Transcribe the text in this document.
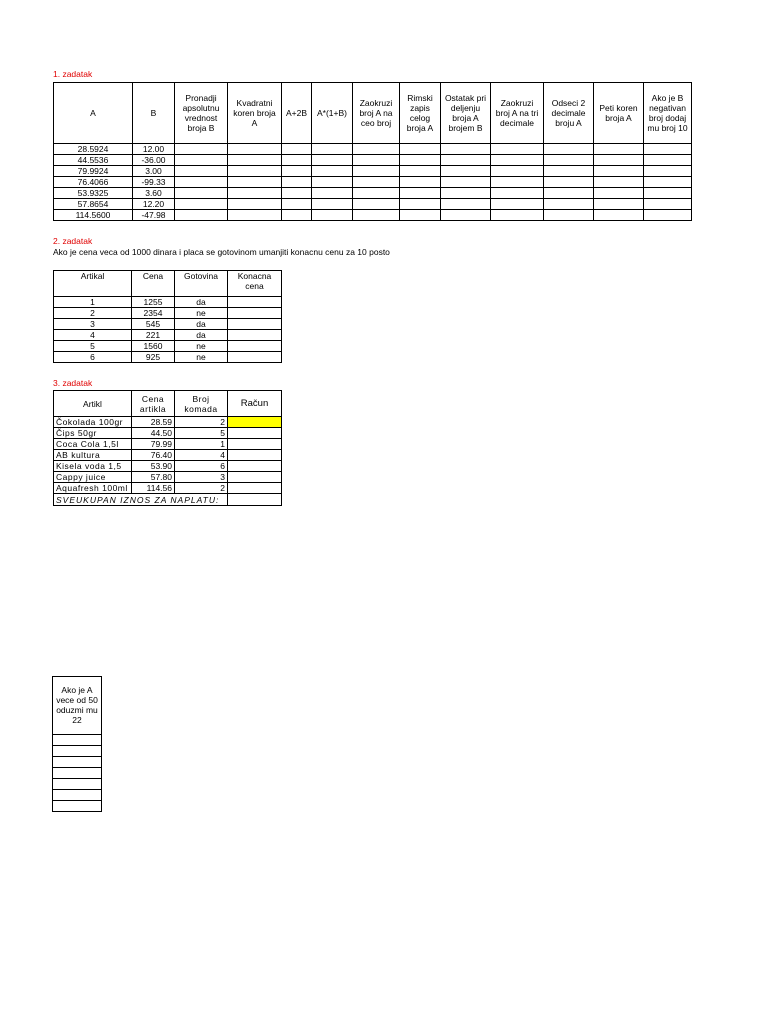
1. zadatak
A	B	Pronadji apsolutnu vrednost broja B	Kvadratni koren broja A	A+2B	A*(1+B)	Zaokruzi broj A na ceo broj	Rimski zapis celog broja A	Ostatak pri deljenju broja A brojem B	Zaokruzi broj A na tri decimale	Odseci 2 decimale broju A	Peti koren broja A	Ako je B negativan broj dodaj mu broj 10
28.5924	12.00											
44.5536	-36.00											
79.9924	3.00											
76.4066	-99.33											
53.9325	3.60											
57.8654	12.20											
114.5600	-47.98											
2. zadatak
Ako je cena veca od 1000 dinara i placa se gotovinom umanjiti konacnu cenu za 10 posto
Artikal	Cena	Gotovina	Konacna cena
1	1255	da	
2	2354	ne	
3	545	da	
4	221	da	
5	1560	ne	
6	925	ne	
3. zadatak
Artikl	Cena artikla	Broj komada	Račun
Čokolada 100gr	28.59	2	
Čips 50gr	44.50	5	
Coca Cola 1,5l	79.99	1	
AB kultura	76.40	4	
Kisela voda 1,5	53.90	6	
Cappy juice	57.80	3	
Aquafresh 100ml	114.56	2	
SVEUKUPAN IZNOS ZA NAPLATU:			
Ako je A vece od 50 oduzmi mu 22
